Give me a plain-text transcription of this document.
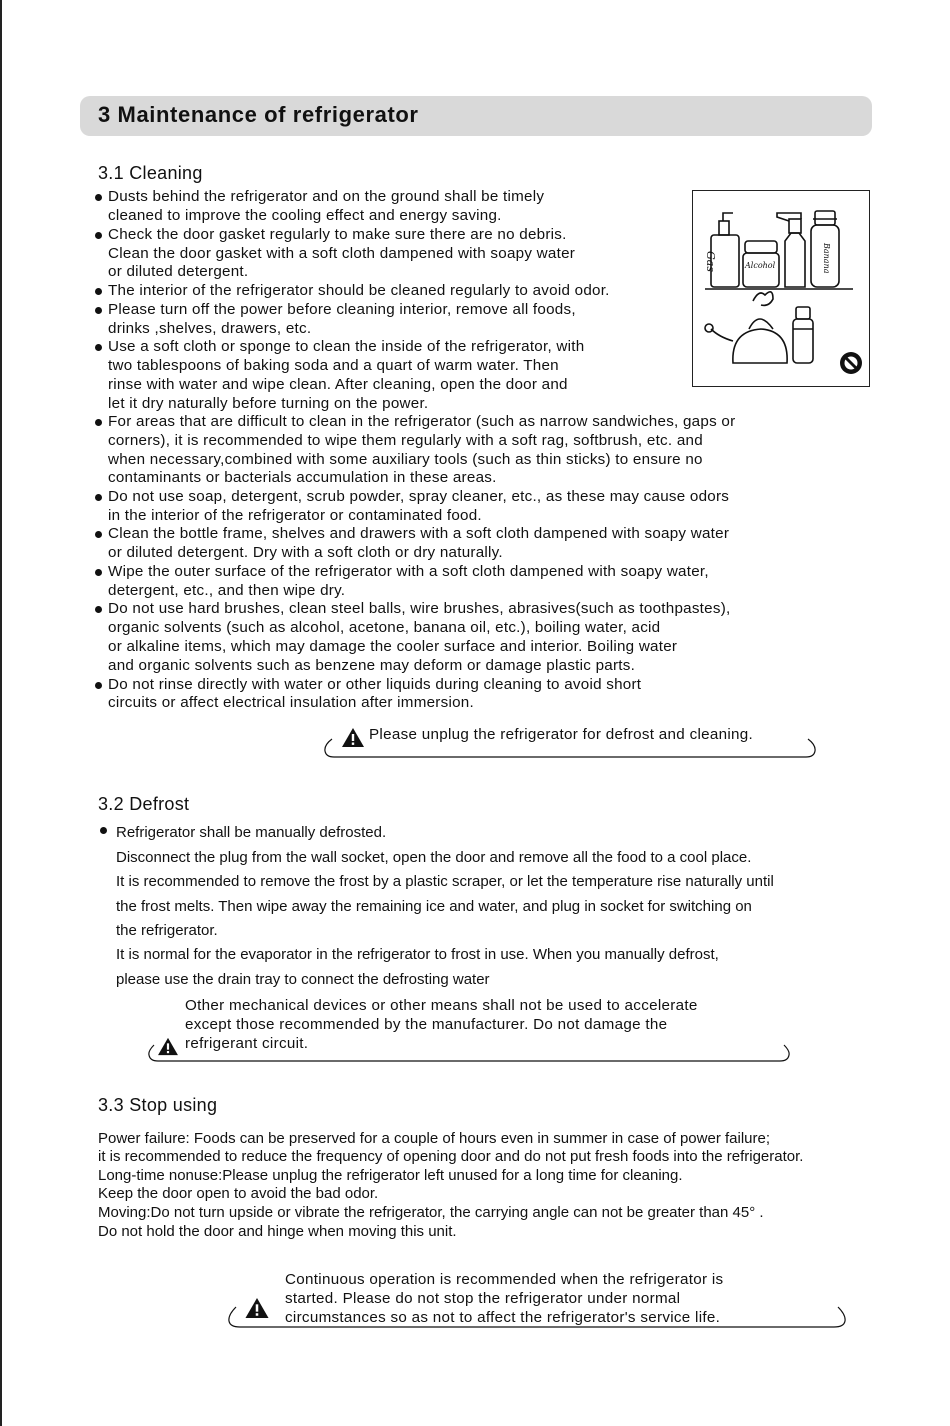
3 Maintenance of refrigerator
3.1 Cleaning
Dusts behind the refrigerator and on the ground shall be timely
cleaned to improve the cooling effect and energy saving.
Check the door gasket regularly to make sure there are no debris.
Clean the door gasket with a soft cloth dampened with soapy water
or diluted detergent.
The interior of the refrigerator should be cleaned regularly to avoid odor.
Please turn off the power before cleaning interior, remove all foods,
drinks ,shelves, drawers, etc.
Use a soft cloth or sponge to clean the inside of the refrigerator, with
two tablespoons of baking soda and a quart of warm water. Then
rinse with water and wipe clean. After cleaning, open the door and
let it dry naturally before turning on the power.
For areas that are difficult to clean in the refrigerator (such as narrow sandwiches, gaps or
corners), it is recommended to wipe them regularly with a soft rag, softbrush, etc. and
when necessary,combined with some auxiliary tools (such as thin sticks) to ensure no
contaminants or bacterials accumulation in these areas.
Do not use soap, detergent, scrub powder, spray cleaner, etc., as these may cause odors
in the interior of the refrigerator or contaminated food.
Clean the bottle frame, shelves and drawers with a soft cloth dampened with soapy water
or diluted detergent. Dry with a soft cloth or dry naturally.
Wipe the outer surface of the refrigerator with a soft cloth dampened with soapy water,
detergent, etc., and then wipe dry.
Do not use hard brushes, clean steel balls, wire brushes, abrasives(such as toothpastes),
organic solvents (such as alcohol, acetone, banana oil, etc.), boiling water, acid
or alkaline items, which may damage the cooler surface and interior. Boiling water
and organic solvents such as benzene may deform or damage plastic parts.
Do not rinse directly with water or other liquids during cleaning to avoid short
circuits or affect electrical insulation after immersion.
Gas	Alcohol	Banana
Please unplug the refrigerator for defrost and cleaning.
3.2 Defrost
Refrigerator shall be manually defrosted.
Disconnect the plug from the wall socket, open the door and remove all the food to a cool place.
It is recommended to remove the frost by a plastic scraper, or let the temperature rise naturally until
the frost melts. Then wipe away the remaining ice and water, and plug in socket for switching on
the refrigerator.
It is normal for the evaporator in the refrigerator to frost in use. When you manually defrost,
please use the drain tray to connect the defrosting water
Other mechanical devices or other means shall not be used to accelerate
except those recommended by the manufacturer. Do not damage the
refrigerant circuit.
3.3 Stop using
Power failure: Foods can be preserved for a couple of hours even in summer in case of power failure;
it is recommended to reduce the frequency of opening door and do not put fresh foods into the refrigerator.
Long-time nonuse:Please unplug the refrigerator left unused for a long time for cleaning.
Keep the door open to avoid the bad odor.
Moving:Do not turn upside or vibrate the refrigerator, the carrying angle can not be greater than 45° .
Do not hold the door and hinge when moving this unit.
Continuous operation is recommended when the refrigerator is
started. Please do not stop the refrigerator under normal
circumstances so as not to affect the refrigerator's service life.
